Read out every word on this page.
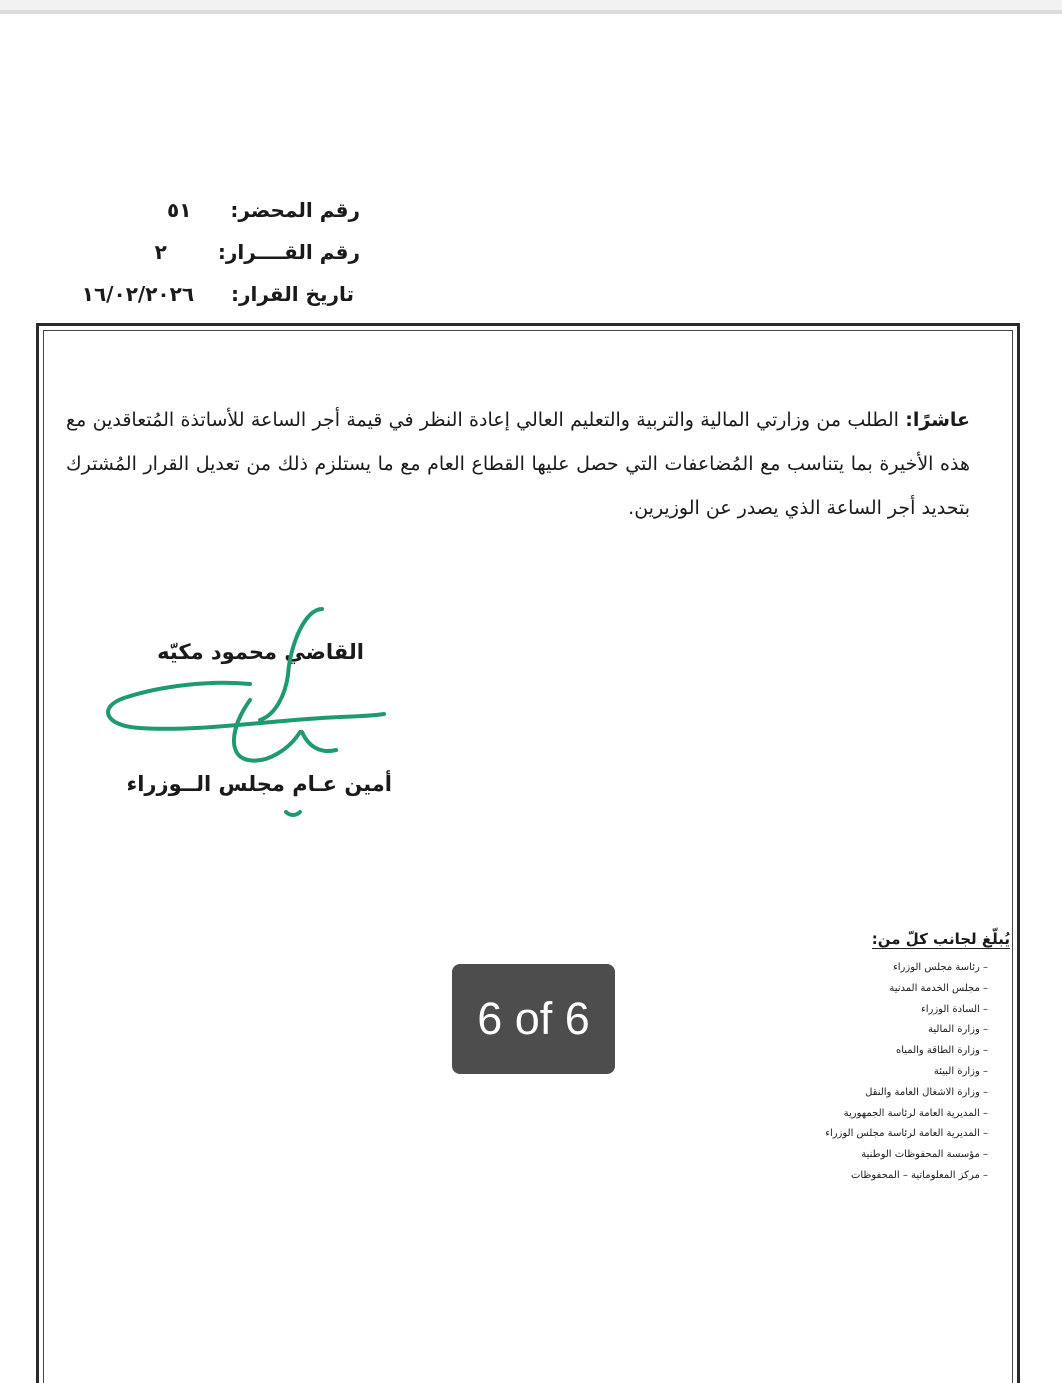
رقم المحضر: ٥١
رقم القــــرار: ٢
تاريخ القرار: ١٦/٠٢/٢٠٢٦
عاشرًا: الطلب من وزارتي المالية والتربية والتعليم العالي إعادة النظر في قيمة أجر الساعة للأساتذة المُتعاقدين مع هذه الأخيرة بما يتناسب مع المُضاعفات التي حصل عليها القطاع العام مع ما يستلزم ذلك من تعديل القرار المُشترك بتحديد أجر الساعة الذي يصدر عن الوزيرين.
القاضي محمود مكيّه
أمين عـام مجلس الــوزراء
يُبلّغ لجانب كلّ من:
– رئاسة مجلس الوزراء
– مجلس الخدمة المدنية
– السادة الوزراء
– وزارة المالية
– وزارة الطاقة والمياه
– وزارة البيئة
– وزارة الاشغال العامة والنقل
– المديرية العامة لرئاسة الجمهورية
– المديرية العامة لرئاسة مجلس الوزراء
– مؤسسة المحفوظات الوطنية
– مركز المعلوماتية – المحفوظات
6 of 6
